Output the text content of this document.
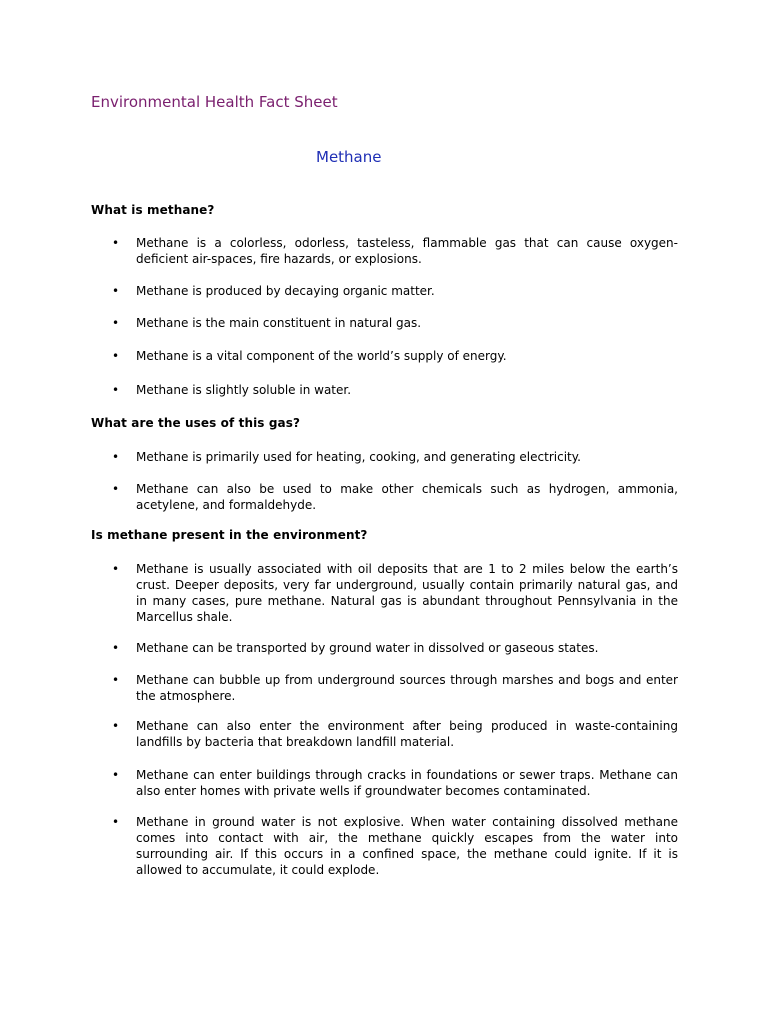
Environmental Health Fact Sheet
Methane
What is methane?
• Methane is a colorless, odorless, tasteless, flammable gas that can cause oxygen-deficient air-spaces, fire hazards, or explosions.

• Methane is produced by decaying organic matter.

• Methane is the main constituent in natural gas.

• Methane is a vital component of the world’s supply of energy.

• Methane is slightly soluble in water.

What are the uses of this gas?
• Methane is primarily used for heating, cooking, and generating electricity.

• Methane can also be used to make other chemicals such as hydrogen, ammonia, acetylene, and formaldehyde.

Is methane present in the environment?
• Methane is usually associated with oil deposits that are 1 to 2 miles below the earth’s crust. Deeper deposits, very far underground, usually contain primarily natural gas, and in many cases, pure methane. Natural gas is abundant throughout Pennsylvania in the Marcellus shale.

• Methane can be transported by ground water in dissolved or gaseous states.

• Methane can bubble up from underground sources through marshes and bogs and enter the atmosphere.

• Methane can also enter the environment after being produced in waste-containing landfills by bacteria that breakdown landfill material.

• Methane can enter buildings through cracks in foundations or sewer traps. Methane can also enter homes with private wells if groundwater becomes contaminated.

• Methane in ground water is not explosive. When water containing dissolved methane comes into contact with air, the methane quickly escapes from the water into surrounding air. If this occurs in a confined space, the methane could ignite. If it is allowed to accumulate, it could explode.
